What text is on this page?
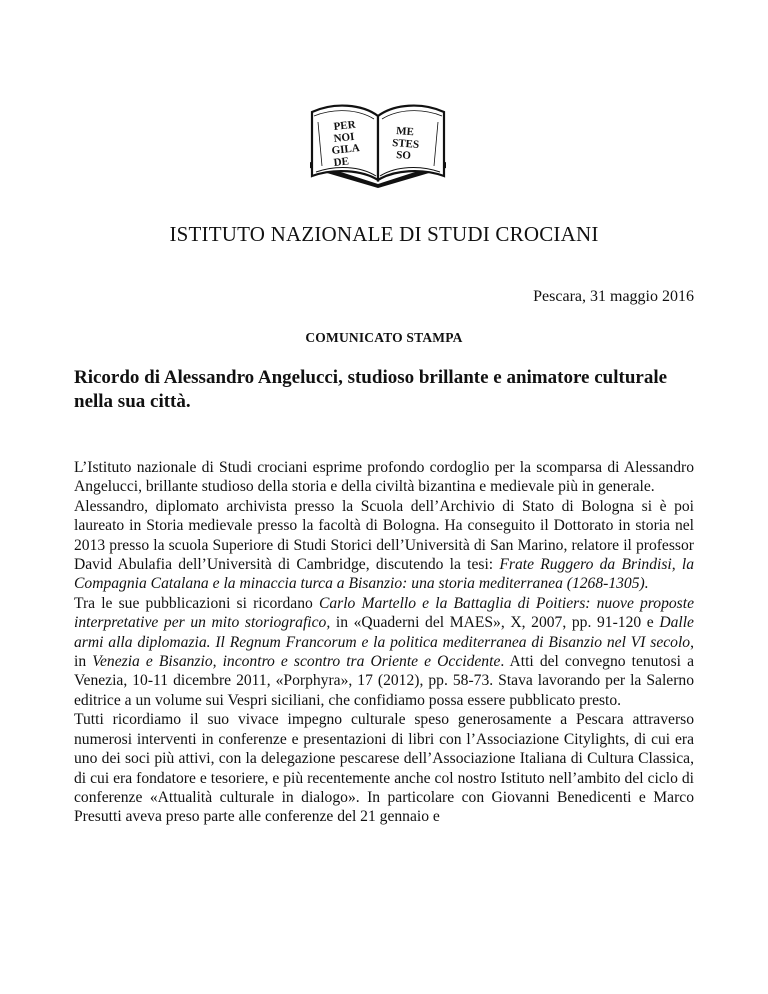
PER
NOI
GILA
DE
ME
STES
SO
ISTITUTO NAZIONALE DI STUDI CROCIANI
Pescara, 31 maggio 2016
COMUNICATO STAMPA
Ricordo di Alessandro Angelucci, studioso brillante e animatore culturale nella sua città.

L’Istituto nazionale di Studi crociani esprime profondo cordoglio per la scomparsa di Alessandro Angelucci, brillante studioso della storia e della civiltà bizantina e medievale più in generale.

Alessandro, diplomato archivista presso la Scuola dell’Archivio di Stato di Bologna si è poi laureato in Storia medievale presso la facoltà di Bologna. Ha conseguito il Dottorato in storia nel 2013 presso la scuola Superiore di Studi Storici dell’Università di San Marino, relatore il professor David Abulafia dell’Università di Cambridge, discutendo la tesi: Frate Ruggero da Brindisi, la Compagnia Catalana e la minaccia turca a Bisanzio: una storia mediterranea (1268-1305).

Tra le sue pubblicazioni si ricordano Carlo Martello e la Battaglia di Poitiers: nuove proposte interpretative per un mito storiografico, in «Quaderni del MAES», X, 2007, pp. 91-120 e Dalle armi alla diplomazia. Il Regnum Francorum e la politica mediterranea di Bisanzio nel VI secolo, in Venezia e Bisanzio, incontro e scontro tra Oriente e Occidente. Atti del convegno tenutosi a Venezia, 10-11 dicembre 2011, «Porphyra», 17 (2012), pp. 58-73. Stava lavorando per la Salerno editrice a un volume sui Vespri siciliani, che confidiamo possa essere pubblicato presto.

Tutti ricordiamo il suo vivace impegno culturale speso generosamente a Pescara attraverso numerosi interventi in conferenze e presentazioni di libri con l’Associazione Citylights, di cui era uno dei soci più attivi, con la delegazione pescarese dell’Associazione Italiana di Cultura Classica, di cui era fondatore e tesoriere, e più recentemente anche col nostro Istituto nell’ambito del ciclo di conferenze «Attualità culturale in dialogo». In particolare con Giovanni Benedicenti e Marco Presutti aveva preso parte alle conferenze del 21 gennaio e
